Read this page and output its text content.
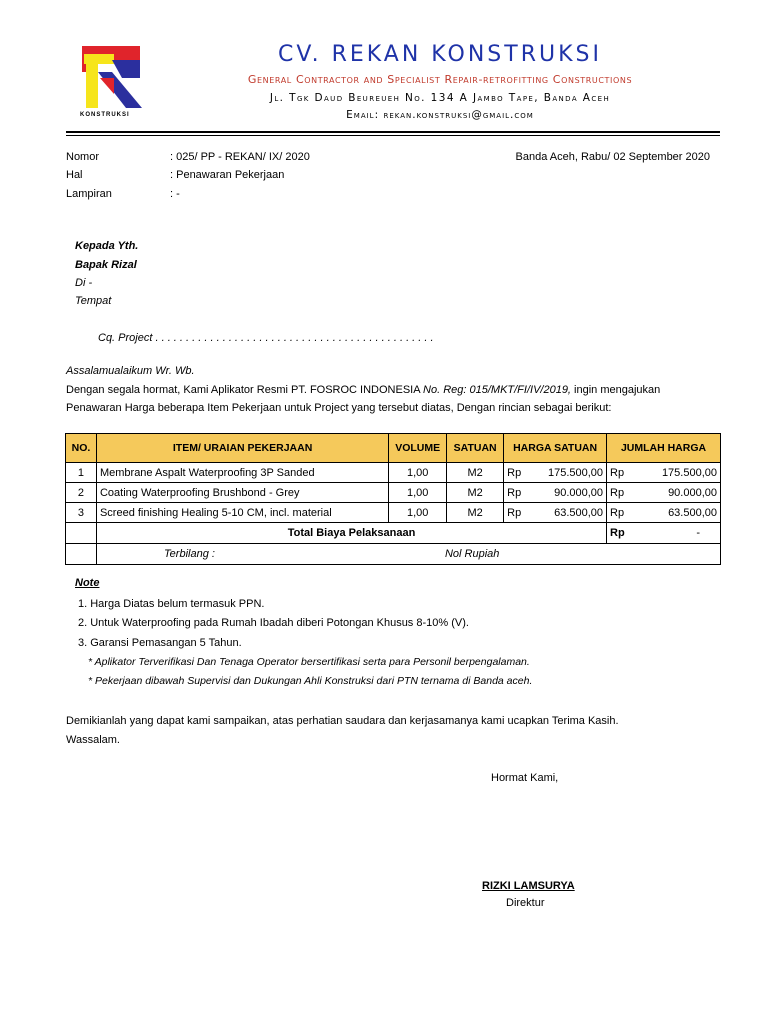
KONSTRUKSI
CV. REKAN KONSTRUKSI
General Contractor and Specialist Repair-retrofitting Constructions
Jl. Tgk Daud Beureueh No. 134 A Jambo Tape, Banda Aceh
Email: rekan.konstruksi@gmail.com
Nomor	: 025/ PP - REKAN/ IX/ 2020
Hal	: Penawaran Pekerjaan
Lampiran	: -
Banda Aceh, Rabu/ 02 September 2020
Kepada Yth.
Bapak Rizal
Di -
Tempat
Cq. Project . . . . . . . . . . . . . . . . . . . . . . . . . . . . . . . . . . . . . . . . . . . . . .
Assalamualaikum Wr. Wb.
Dengan segala hormat, Kami Aplikator Resmi PT. FOSROC INDONESIA No. Reg: 015/MKT/FI/IV/2019, ingin mengajukan
Penawaran Harga beberapa Item Pekerjaan untuk Project yang tersebut diatas, Dengan rincian sebagai berikut:
NO.	ITEM/ URAIAN PEKERJAAN	VOLUME	SATUAN	HARGA SATUAN		JUMLAH HARGA	
1	Membrane Aspalt Waterproofing 3P Sanded	1,00	M2	Rp	175.500,00	Rp	175.500,00
2	Coating Waterproofing Brushbond - Grey	1,00	M2	Rp	90.000,00	Rp	90.000,00
3	Screed finishing Healing 5-10 CM, incl. material	1,00	M2	Rp	63.500,00	Rp	63.500,00
	Total Biaya Pelaksanaan					Rp	-
	Terbilang : Nol Rupiah						
Note
1. Harga Diatas belum termasuk PPN.
2. Untuk Waterproofing pada Rumah Ibadah diberi Potongan Khusus 8-10% (V).
3. Garansi Pemasangan 5 Tahun.
* Aplikator Terverifikasi Dan Tenaga Operator bersertifikasi serta para Personil berpengalaman.
* Pekerjaan dibawah Supervisi dan Dukungan Ahli Konstruksi dari PTN ternama di Banda aceh.
Demikianlah yang dapat kami sampaikan, atas perhatian saudara dan kerjasamanya kami ucapkan Terima Kasih.
Wassalam.
Hormat Kami,
RIZKI LAMSURYA
Direktur
